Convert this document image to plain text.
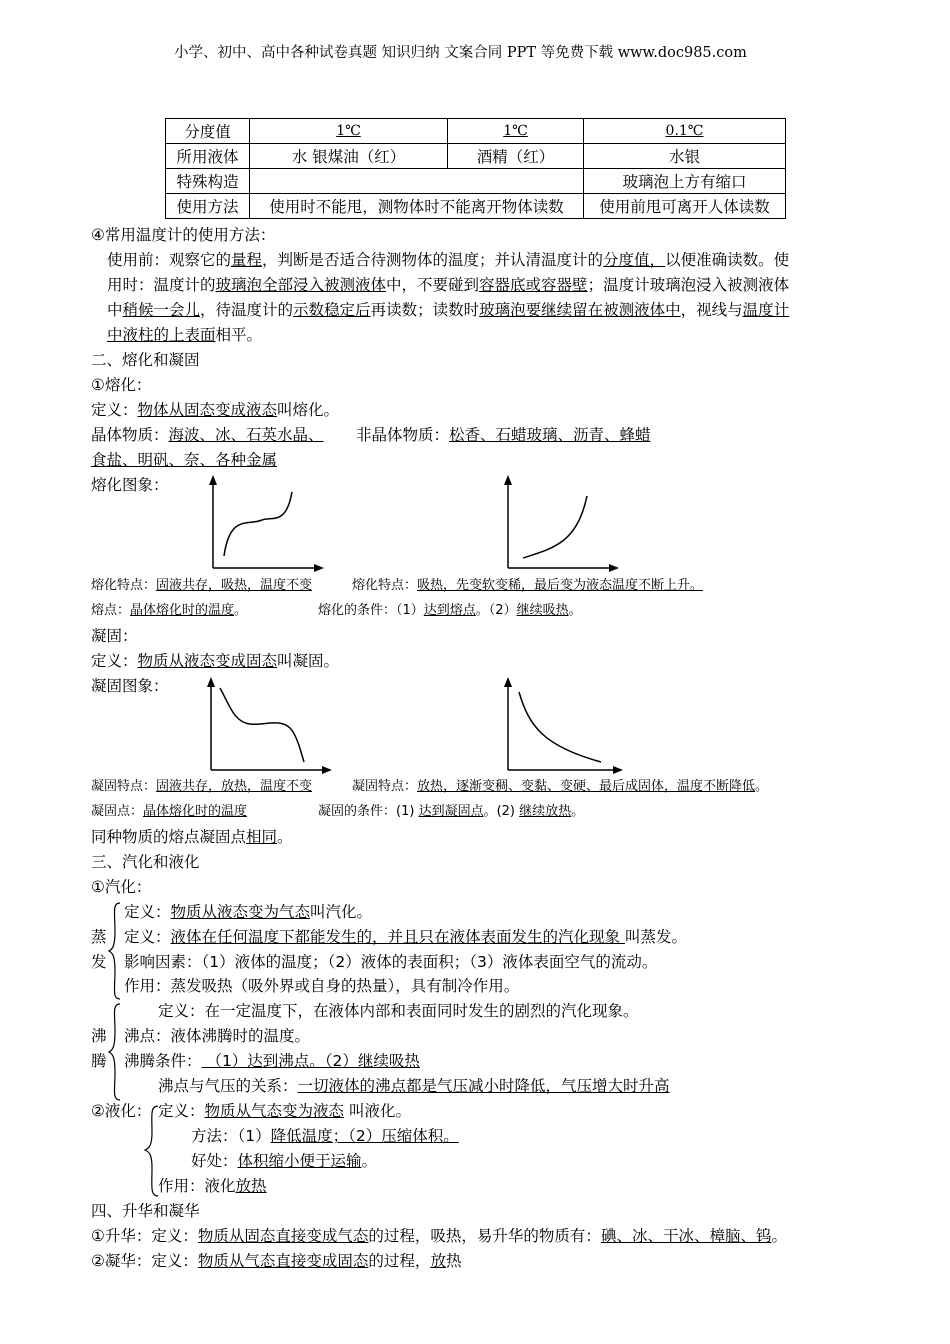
小学、初中、高中各种试卷真题 知识归纳 文案合同 PPT 等免费下载 www.doc985.com
分度值	1℃	1℃	0.1℃
所用液体	水 银煤油（红）	酒精（红）	水银
特殊构造			玻璃泡上方有缩口
使用方法	使用时不能甩，测物体时不能离开物体读数		使用前甩可离开人体读数
④常用温度计的使用方法：
使用前：观察它的量程，判断是否适合待测物体的温度；并认清温度计的分度值，以便准确读数。使
用时：温度计的玻璃泡全部浸入被测液体中，不要碰到容器底或容器壁；温度计玻璃泡浸入被测液体
中稍候一会儿，待温度计的示数稳定后再读数；读数时玻璃泡要继续留在被测液体中，视线与温度计
中液柱的上表面相平。
二、熔化和凝固
①熔化：
定义：物体从固态变成液态叫熔化。
晶体物质：海波、冰、石英水晶、 非晶体物质：松香、石蜡玻璃、沥青、蜂蜡
食盐、明矾、奈、各种金属
熔化图象：
熔化特点：固液共存，吸热，温度不变	熔化特点：吸热，先变软变稀，最后变为液态温度不断上升。
熔点：晶体熔化时的温度。	熔化的条件：（1）达到熔点。（2）继续吸热。
凝固：
定义：物质从液态变成固态叫凝固。
凝固图象：
凝固特点：固液共存，放热，温度不变	凝固特点：放热，逐渐变稠、变黏、变硬、最后成固体，温度不断降低。
凝固点：晶体熔化时的温度	凝固的条件：(1) 达到凝固点。(2) 继续放热。
同种物质的熔点凝固点相同。
三、汽化和液化
①汽化：
蒸
发
定义：物质从液态变为气态叫汽化。
定义：液体在任何温度下都能发生的，并且只在液体表面发生的汽化现象 叫蒸发。
影响因素：（1）液体的温度；（2）液体的表面积；（3）液体表面空气的流动。
作用：蒸发吸热（吸外界或自身的热量），具有制冷作用。
沸
腾
定义：在一定温度下，在液体内部和表面同时发生的剧烈的汽化现象。
沸点：液体沸腾时的温度。
沸腾条件： （1）达到沸点。（2）继续吸热
沸点与气压的关系：一切液体的沸点都是气压减小时降低，气压增大时升高
②液化： 定义：物质从气态变为液态 叫液化。
方法：（1）降低温度；（2）压缩体积。
好处：体积缩小便于运输。
作用：液化放热
四、升华和凝华
①升华：定义：物质从固态直接变成气态的过程，吸热，易升华的物质有：碘、冰、干冰、樟脑、钨。
②凝华：定义：物质从气态直接变成固态的过程，放热
